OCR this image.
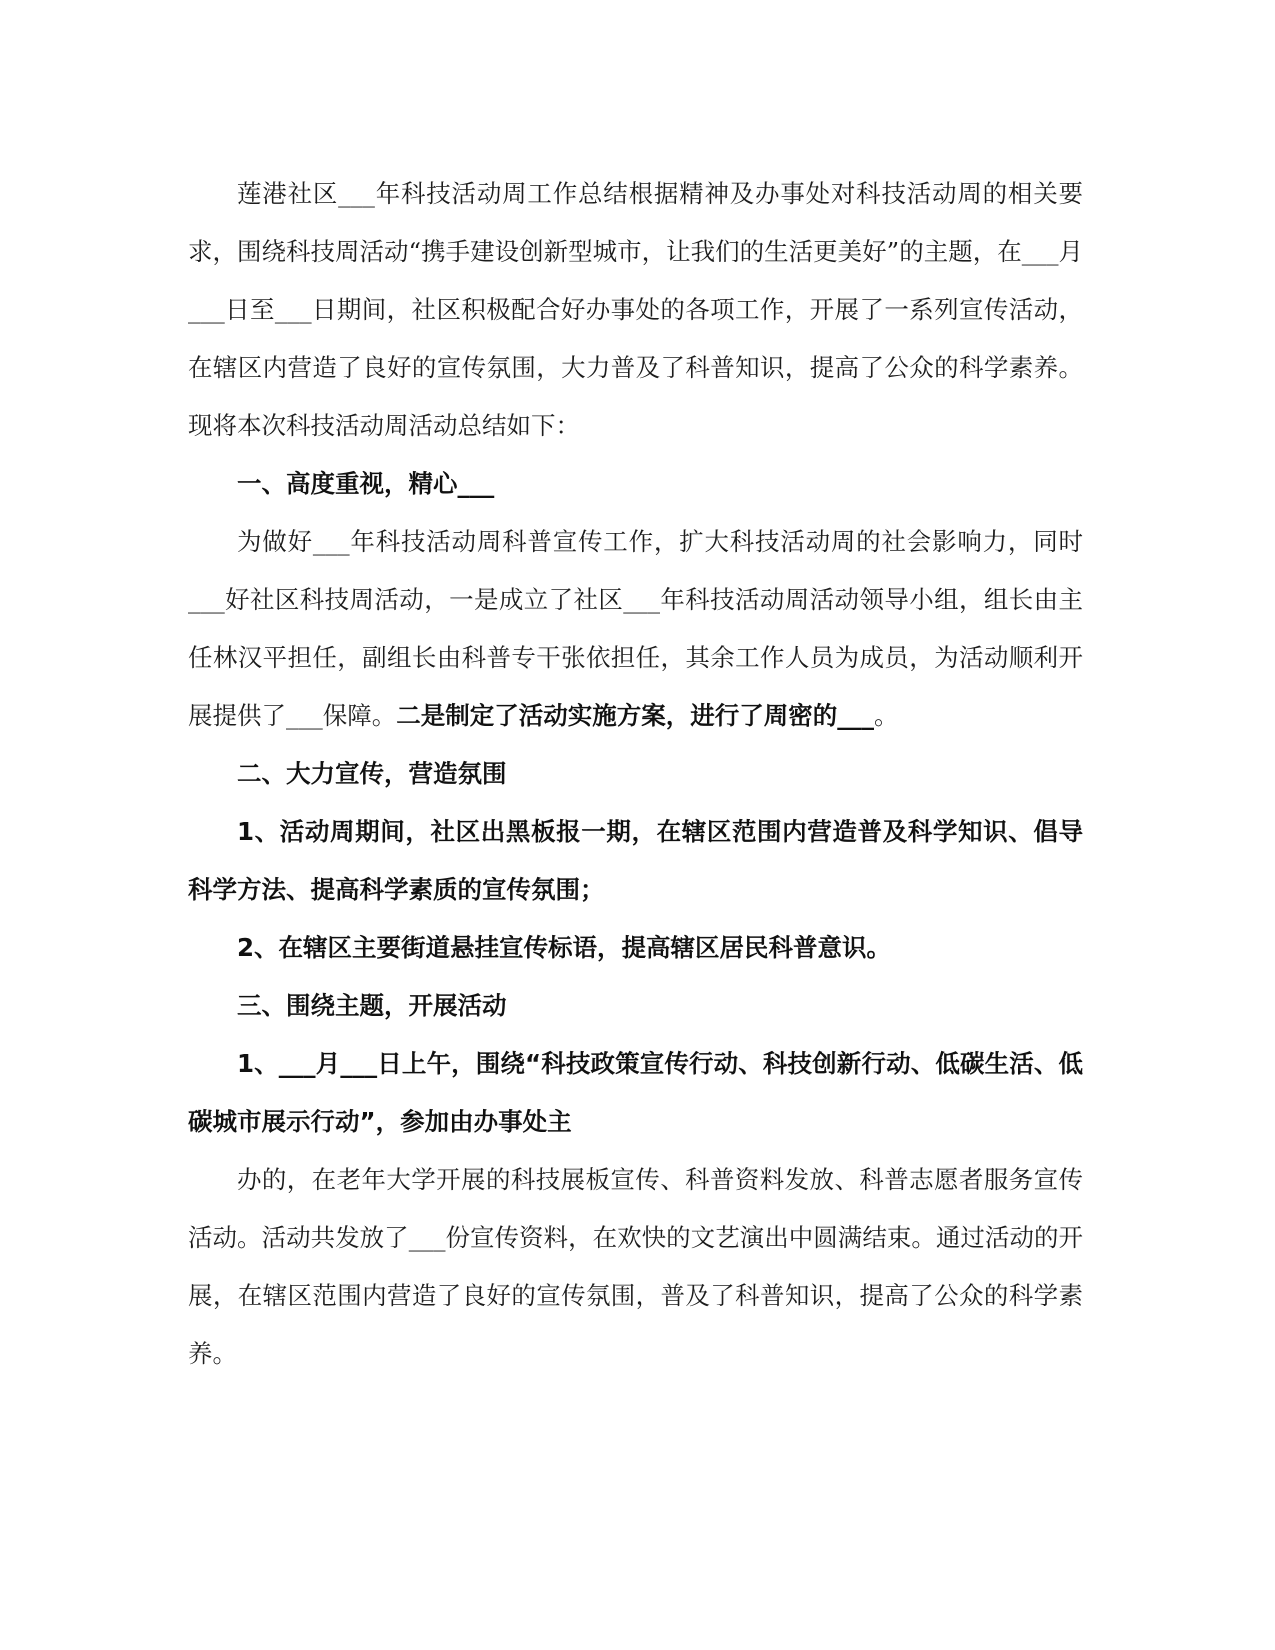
莲港社区___年科技活动周工作总结根据精神及办事处对科技活动周的相关要求，围绕科技周活动“携手建设创新型城市，让我们的生活更美好”的主题，在___月___日至___日期间，社区积极配合好办事处的各项工作，开展了一系列宣传活动，在辖区内营造了良好的宣传氛围，大力普及了科普知识，提高了公众的科学素养。现将本次科技活动周活动总结如下：

一、高度重视，精心___

为做好___年科技活动周科普宣传工作，扩大科技活动周的社会影响力，同时___好社区科技周活动，一是成立了社区___年科技活动周活动领导小组，组长由主任林汉平担任，副组长由科普专干张依担任，其余工作人员为成员，为活动顺利开展提供了___保障。二是制定了活动实施方案，进行了周密的___。

二、大力宣传，营造氛围

1、活动周期间，社区出黑板报一期，在辖区范围内营造普及科学知识、倡导科学方法、提高科学素质的宣传氛围；

2、在辖区主要街道悬挂宣传标语，提高辖区居民科普意识。

三、围绕主题，开展活动

1、___月___日上午，围绕“科技政策宣传行动、科技创新行动、低碳生活、低碳城市展示行动”，参加由办事处主

办的，在老年大学开展的科技展板宣传、科普资料发放、科普志愿者服务宣传活动。活动共发放了___份宣传资料，在欢快的文艺演出中圆满结束。通过活动的开展，在辖区范围内营造了良好的宣传氛围，普及了科普知识，提高了公众的科学素养。
